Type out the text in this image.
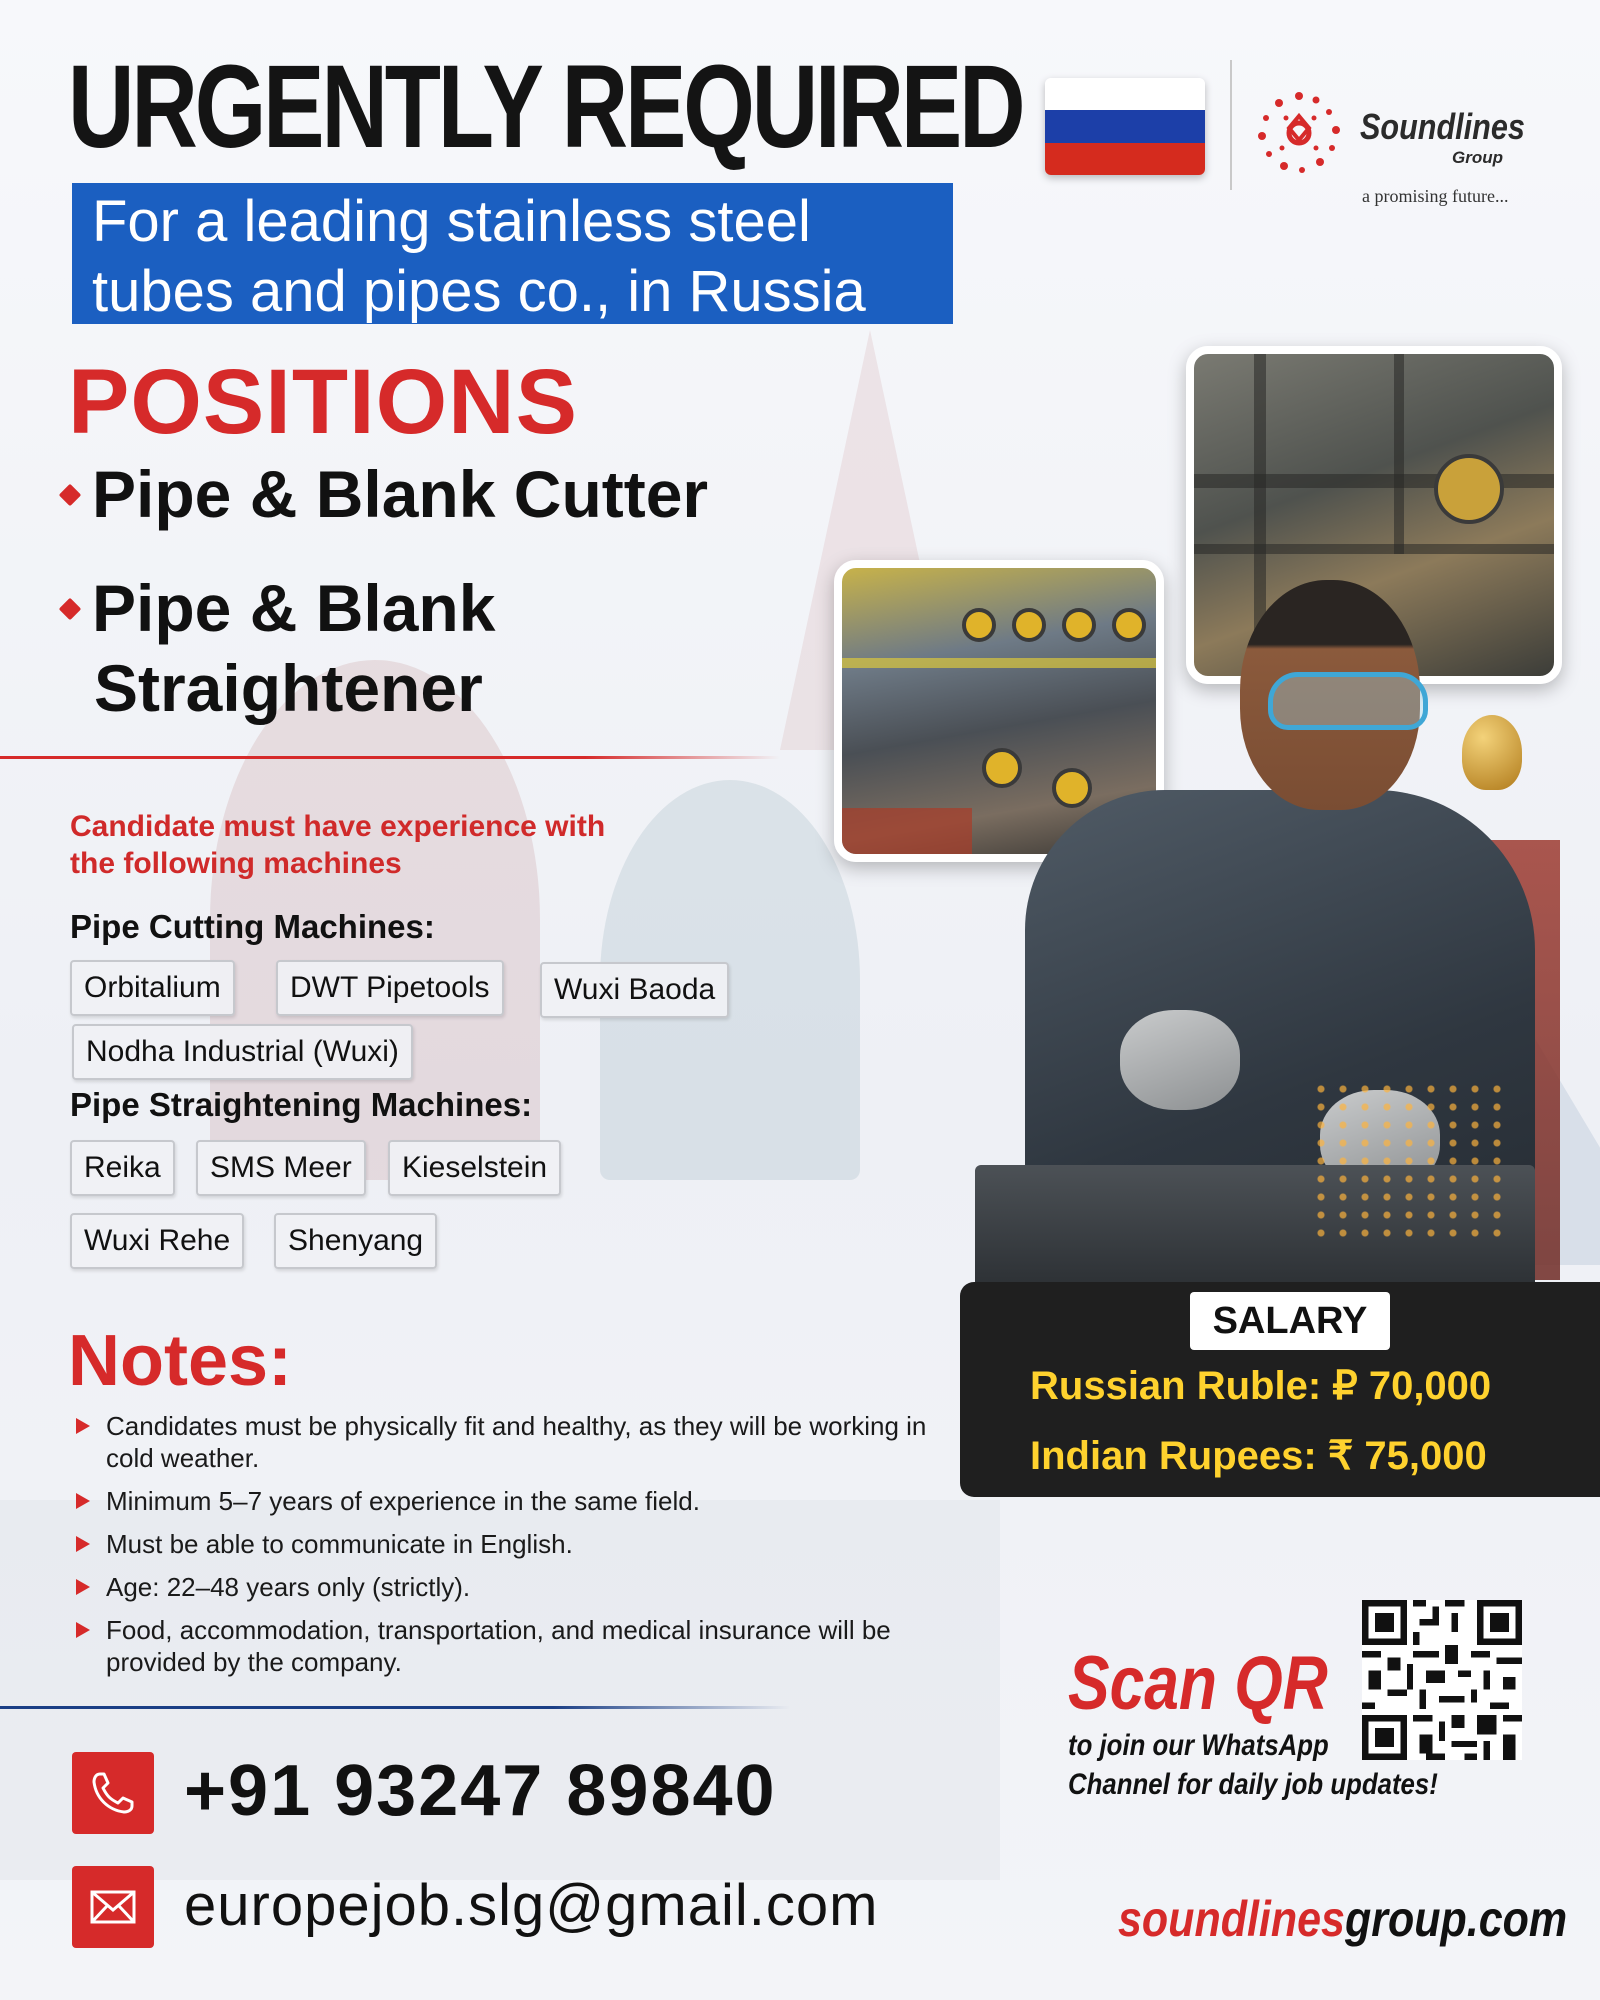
URGENTLY REQUIRED
For a leading stainless steel
tubes and pipes co., in Russia
Soundlines
Group
a promising future...
POSITIONS
Pipe & Blank Cutter
Pipe & Blank
Straightener
Candidate must have experience with
the following machines
Pipe Cutting Machines:
Orbitalium	DWT Pipetools	Wuxi Baoda
Nodha Industrial (Wuxi)
Pipe Straightening Machines:
Reika	SMS Meer	Kieselstein
Wuxi Rehe	Shenyang
Notes:
Candidates must be physically fit and healthy, as they will be working in cold weather.
Minimum 5–7 years of experience in the same field.
Must be able to communicate in English.
Age: 22–48 years only (strictly).
Food, accommodation, transportation, and medical insurance will be provided by the company.
+91 93247 89840
europejob.slg@gmail.com
SALARY
Russian Ruble: ₽ 70,000
Indian Rupees: ₹ 75,000
Scan QR
to join our WhatsApp
Channel for daily job updates!
soundlinesgroup.com
